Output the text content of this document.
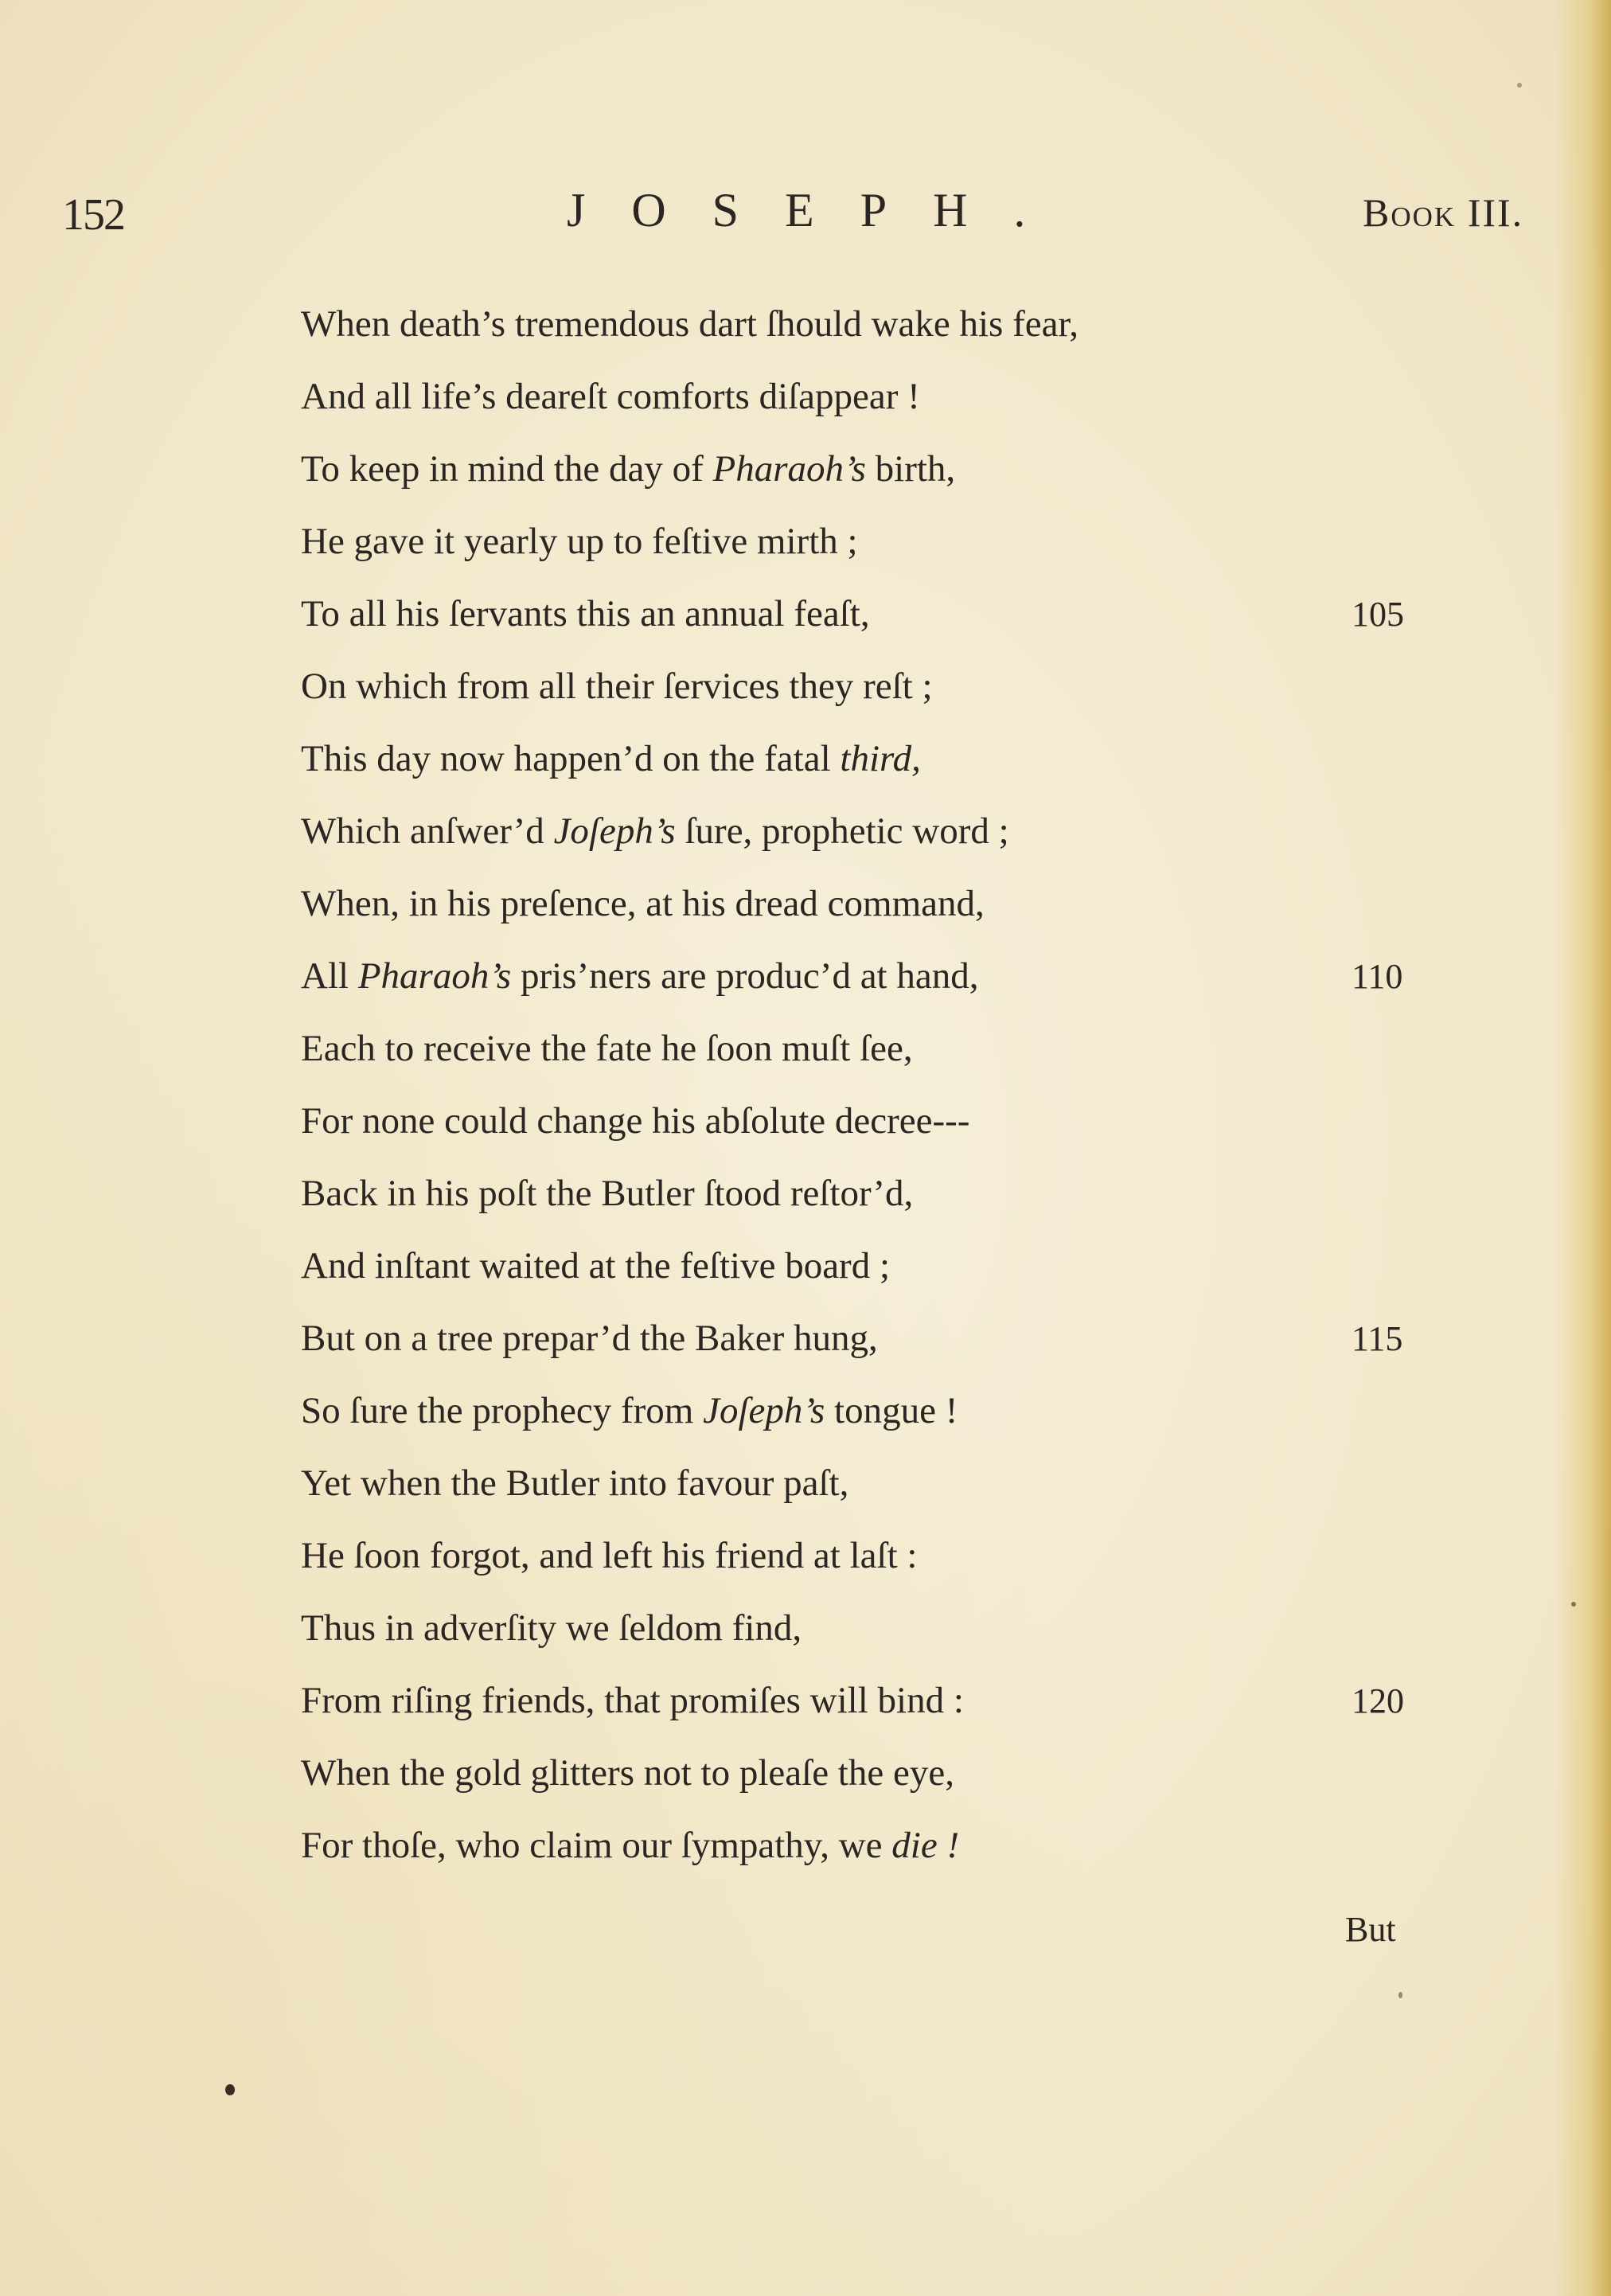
152	JOSEPH.	Book III.
When death’s tremendous dart ſhould wake his fear,
And all life’s deareſt comforts diſappear !
To keep in mind the day of Pharaoh’s birth,
He gave it yearly up to feſtive mirth ;
To all his ſervants this an annual feaſt,	105
On which from all their ſervices they reſt ;
This day now happen’d on the fatal third,
Which anſwer’d Joſeph’s ſure, prophetic word ;
When, in his preſence, at his dread command,
All Pharaoh’s pris’ners are produc’d at hand,	110
Each to receive the fate he ſoon muſt ſee,
For none could change his abſolute decree---
Back in his poſt the Butler ſtood reſtor’d,
And inſtant waited at the feſtive board ;
But on a tree prepar’d the Baker hung,	115
So ſure the prophecy from Joſeph’s tongue !
Yet when the Butler into favour paſt,
He ſoon forgot, and left his friend at laſt :
Thus in adverſity we ſeldom find,
From riſing friends, that promiſes will bind :	120
When the gold glitters not to pleaſe the eye,
For thoſe, who claim our ſympathy, we die !
But
